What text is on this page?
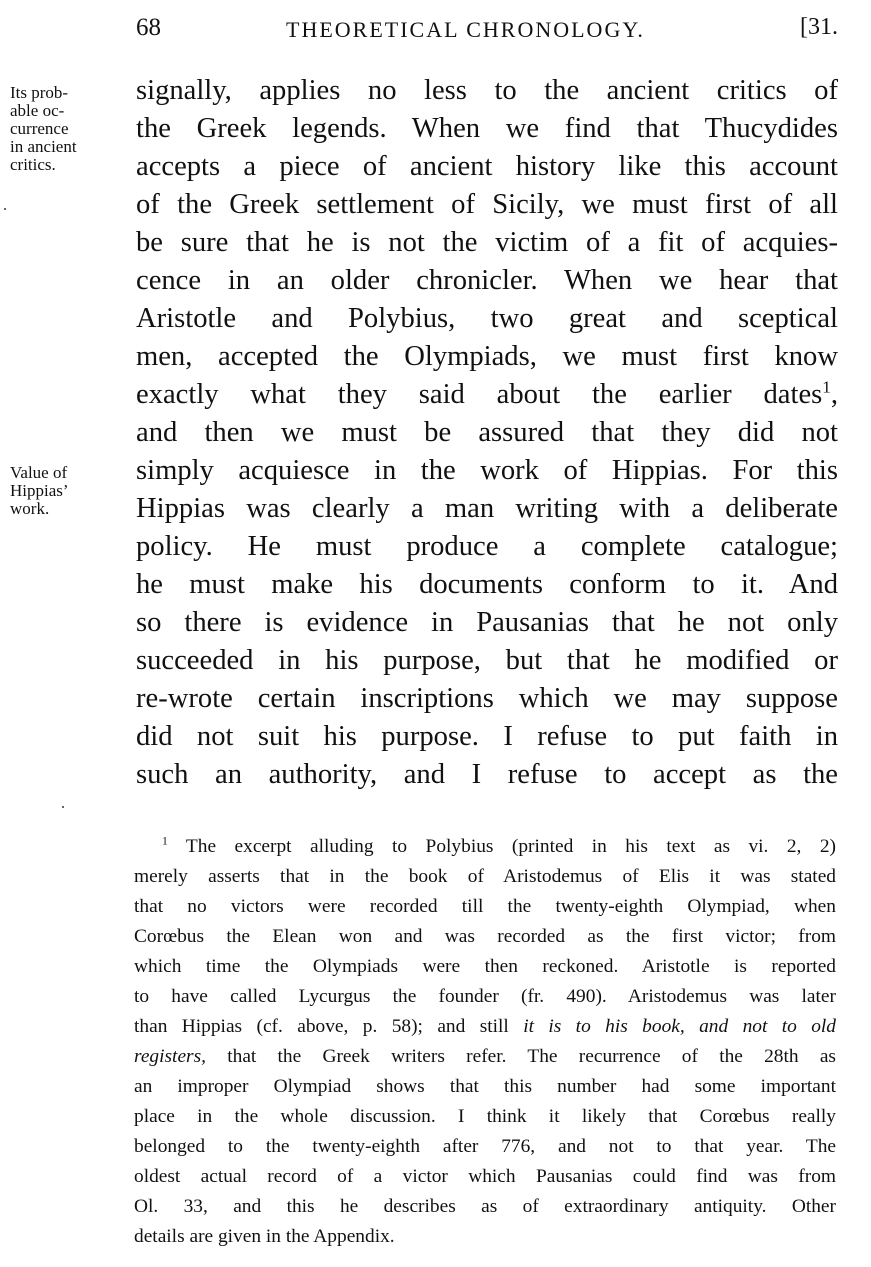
68	THEORETICAL CHRONOLOGY.	[31.
Its prob-
able oc-
currence
in ancient
critics.
Value of
Hippias’
work.
signally, applies no less to the ancient critics of
the Greek legends. When we find that Thucydides
accepts a piece of ancient history like this account
of the Greek settlement of Sicily, we must first of all
be sure that he is not the victim of a fit of acquies-
cence in an older chronicler. When we hear that
Aristotle and Polybius, two great and sceptical
men, accepted the Olympiads, we must first know
exactly what they said about the earlier dates$^1$,
and then we must be assured that they did not
simply acquiesce in the work of Hippias. For this
Hippias was clearly a man writing with a deliberate
policy. He must produce a complete catalogue;
he must make his documents conform to it. And
so there is evidence in Pausanias that he not only
succeeded in his purpose, but that he modified or
re-wrote certain inscriptions which we may suppose
did not suit his purpose. I refuse to put faith in
such an authority, and I refuse to accept as the
$^1$ The excerpt alluding to Polybius (printed in his text as vi. 2, 2)
merely asserts that in the book of Aristodemus of Elis it was stated
that no victors were recorded till the twenty-eighth Olympiad, when
Corœbus the Elean won and was recorded as the first victor; from
which time the Olympiads were then reckoned. Aristotle is reported
to have called Lycurgus the founder (fr. 490). Aristodemus was later
than Hippias (cf. above, p. 58); and still it is to his book, and not to old
registers, that the Greek writers refer. The recurrence of the 28th as
an improper Olympiad shows that this number had some important
place in the whole discussion. I think it likely that Corœbus really
belonged to the twenty-eighth after 776, and not to that year. The
oldest actual record of a victor which Pausanias could find was from
Ol. 33, and this he describes as of extraordinary antiquity. Other
details are given in the Appendix.
